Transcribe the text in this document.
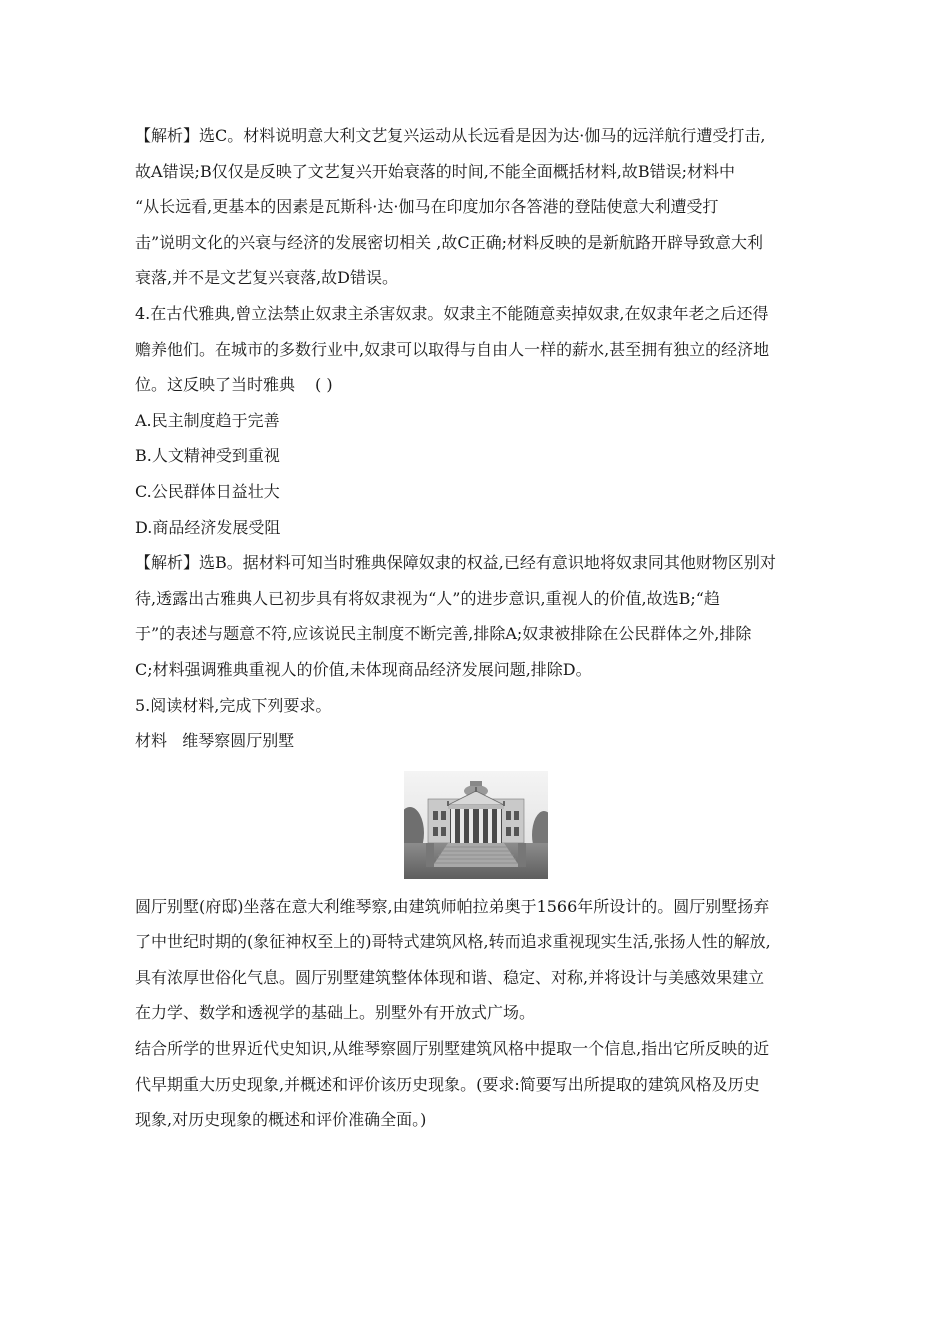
【解析】选C。材料说明意大利文艺复兴运动从长远看是因为达·伽马的远洋航行遭受打击,

故A错误;B仅仅是反映了文艺复兴开始衰落的时间,不能全面概括材料,故B错误;材料中

“从长远看,更基本的因素是瓦斯科·达·伽马在印度加尔各答港的登陆使意大利遭受打

击”说明文化的兴衰与经济的发展密切相关 ,故C正确;材料反映的是新航路开辟导致意大利

衰落,并不是文艺复兴衰落,故D错误。

4.在古代雅典,曾立法禁止奴隶主杀害奴隶。奴隶主不能随意卖掉奴隶,在奴隶年老之后还得

赡养他们。在城市的多数行业中,奴隶可以取得与自由人一样的薪水,甚至拥有独立的经济地

位。这反映了当时雅典 ( )

A.民主制度趋于完善

B.人文精神受到重视

C.公民群体日益壮大

D.商品经济发展受阻

【解析】选B。据材料可知当时雅典保障奴隶的权益,已经有意识地将奴隶同其他财物区别对

待,透露出古雅典人已初步具有将奴隶视为“人”的进步意识,重视人的价值,故选B;“趋

于”的表述与题意不符,应该说民主制度不断完善,排除A;奴隶被排除在公民群体之外,排除

C;材料强调雅典重视人的价值,未体现商品经济发展问题,排除D。

5.阅读材料,完成下列要求。

材料   维琴察圆厅别墅

圆厅别墅(府邸)坐落在意大利维琴察,由建筑师帕拉弟奥于1566年所设计的。圆厅别墅扬弃

了中世纪时期的(象征神权至上的)哥特式建筑风格,转而追求重视现实生活,张扬人性的解放,

具有浓厚世俗化气息。圆厅别墅建筑整体体现和谐、稳定、对称,并将设计与美感效果建立

在力学、数学和透视学的基础上。别墅外有开放式广场。

结合所学的世界近代史知识,从维琴察圆厅别墅建筑风格中提取一个信息,指出它所反映的近

代早期重大历史现象,并概述和评价该历史现象。(要求:简要写出所提取的建筑风格及历史

现象,对历史现象的概述和评价准确全面。)
